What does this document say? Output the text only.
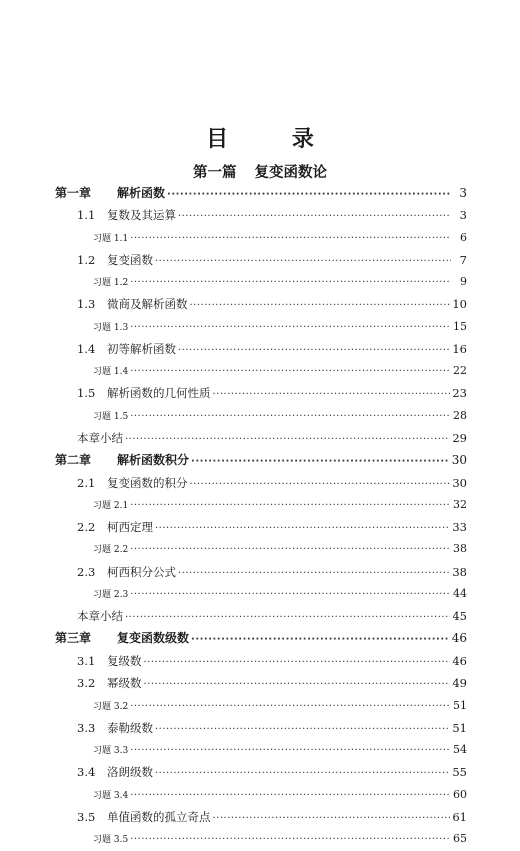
目 录
第一篇 复变函数论
第一章	解析函数 ·····	3
1.1	复数及其运算 ·····	3
习题 1.1 ·····	6
1.2	复变函数 ·····	7
习题 1.2 ·····	9
1.3	微商及解析函数 ·····	10
习题 1.3 ·····	15
1.4	初等解析函数 ·····	16
习题 1.4 ·····	22
1.5	解析函数的几何性质 ·····	23
习题 1.5 ·····	28
本章小结 ·····	29
第二章	解析函数积分 ·····	30
2.1	复变函数的积分 ·····	30
习题 2.1 ·····	32
2.2	柯西定理 ·····	33
习题 2.2 ·····	38
2.3	柯西积分公式 ·····	38
习题 2.3 ·····	44
本章小结 ·····	45
第三章	复变函数级数 ·····	46
3.1	复级数 ·····	46
3.2	幂级数 ·····	49
习题 3.2 ·····	51
3.3	泰勒级数 ·····	51
习题 3.3 ·····	54
3.4	洛朗级数 ·····	55
习题 3.4 ·····	60
3.5	单值函数的孤立奇点 ·····	61
习题 3.5 ·····	65
